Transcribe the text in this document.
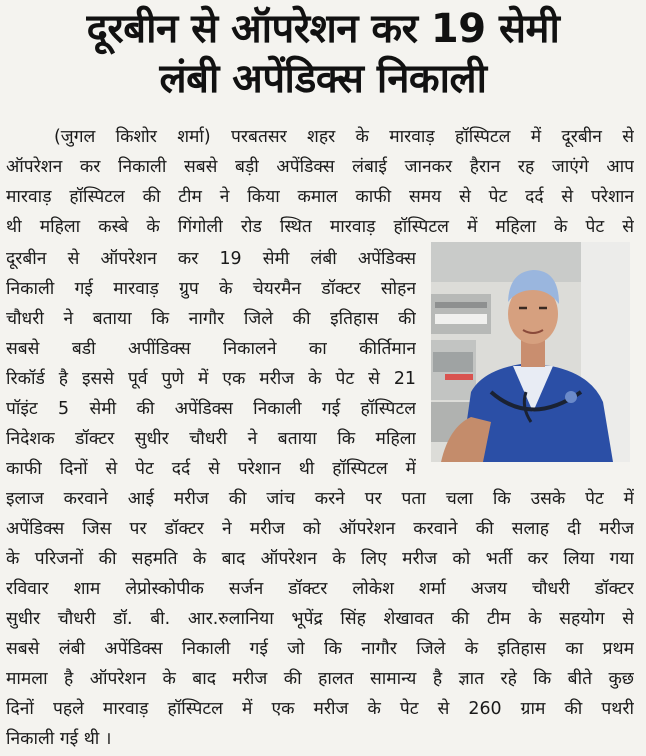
दूरबीन से ऑपरेशन कर 19 सेमी
लंबी अपेंडिक्स निकाली
(जुगल किशोर शर्मा) परबतसर शहर के मारवाड़ हॉस्पिटल में दूरबीन से
ऑपरेशन कर निकाली सबसे बड़ी अपेंडिक्स लंबाई जानकर हैरान रह जाएंगे आप
मारवाड़ हॉस्पिटल की टीम ने किया कमाल काफी समय से पेट दर्द से परेशान
थी महिला कस्बे के गिंगोली रोड स्थित मारवाड़ हॉस्पिटल में महिला के पेट से
दूरबीन से ऑपरेशन कर 19 सेमी लंबी अपेंडिक्स
निकाली गई मारवाड़ ग्रुप के चेयरमैन डॉक्टर सोहन
चौधरी ने बताया कि नागौर जिले की इतिहास की
सबसे बडी अपींडिक्स निकालने का कीर्तिमान
रिकॉर्ड है इससे पूर्व पुणे में एक मरीज के पेट से 21
पॉइंट 5 सेमी की अपेंडिक्स निकाली गई हॉस्पिटल
निदेशक डॉक्टर सुधीर चौधरी ने बताया कि महिला
काफी दिनों से पेट दर्द से परेशान थी हॉस्पिटल में
इलाज करवाने आई मरीज की जांच करने पर पता चला कि उसके पेट में
अपेंडिक्स जिस पर डॉक्टर ने मरीज को ऑपरेशन करवाने की सलाह दी मरीज
के परिजनों की सहमति के बाद ऑपरेशन के लिए मरीज को भर्ती कर लिया गया
रविवार शाम लेप्रोस्कोपीक सर्जन डॉक्टर लोकेश शर्मा अजय चौधरी डॉक्टर
सुधीर चौधरी डॉ. बी. आर.रुलानिया भूपेंद्र सिंह शेखावत की टीम के सहयोग से
सबसे लंबी अपेंडिक्स निकाली गई जो कि नागौर जिले के इतिहास का प्रथम
मामला है ऑपरेशन के बाद मरीज की हालत सामान्य है ज्ञात रहे कि बीते कुछ
दिनों पहले मारवाड़ हॉस्पिटल में एक मरीज के पेट से 260 ग्राम की पथरी
निकाली गई थी ।
